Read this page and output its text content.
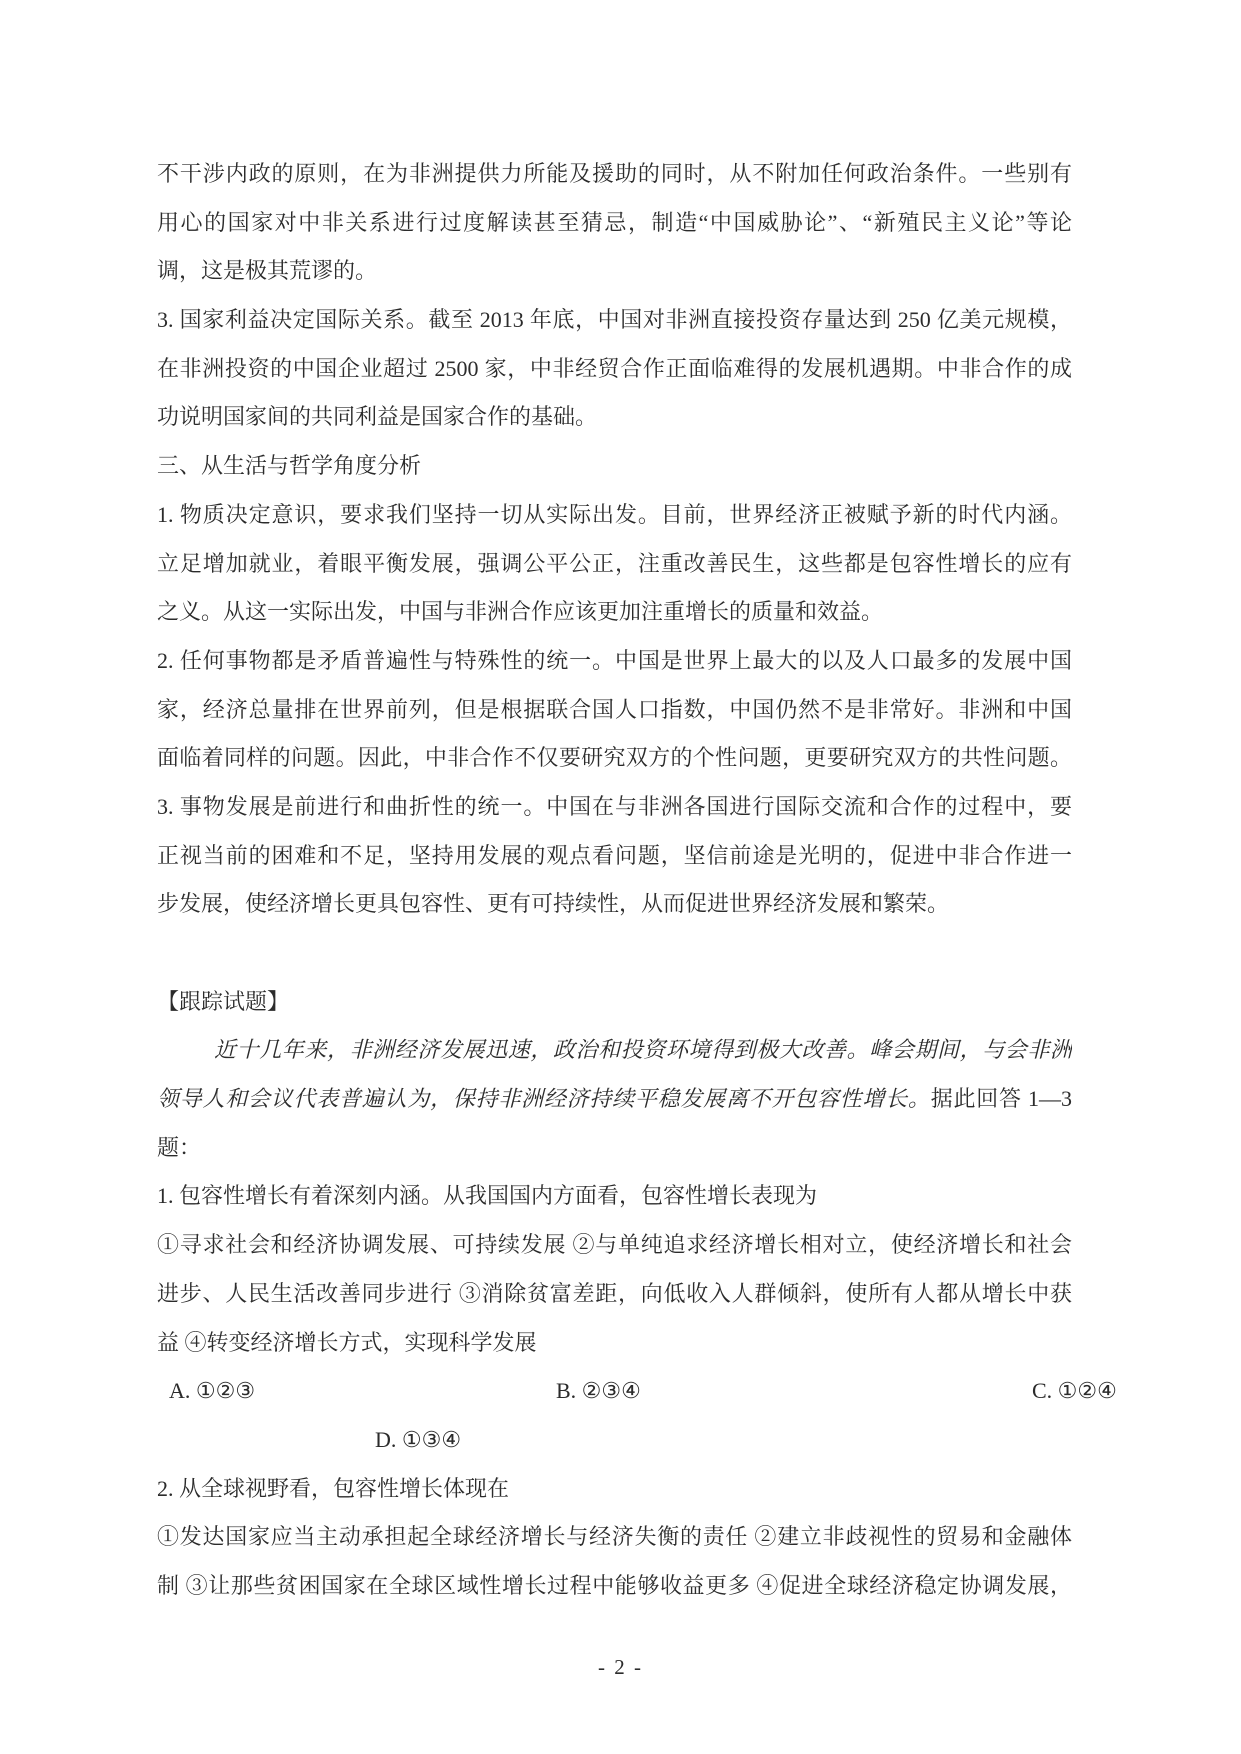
不干涉内政的原则，在为非洲提供力所能及援助的同时，从不附加任何政治条件。一些别有
用心的国家对中非关系进行过度解读甚至猜忌，制造“中国威胁论”、“新殖民主义论”等论
调，这是极其荒谬的。
3. 国家利益决定国际关系。截至 2013 年底，中国对非洲直接投资存量达到 250 亿美元规模，
在非洲投资的中国企业超过 2500 家，中非经贸合作正面临难得的发展机遇期。中非合作的成
功说明国家间的共同利益是国家合作的基础。
三、从生活与哲学角度分析
1. 物质决定意识，要求我们坚持一切从实际出发。目前，世界经济正被赋予新的时代内涵。
立足增加就业，着眼平衡发展，强调公平公正，注重改善民生，这些都是包容性增长的应有
之义。从这一实际出发，中国与非洲合作应该更加注重增长的质量和效益。
2. 任何事物都是矛盾普遍性与特殊性的统一。中国是世界上最大的以及人口最多的发展中国
家，经济总量排在世界前列，但是根据联合国人口指数，中国仍然不是非常好。非洲和中国
面临着同样的问题。因此，中非合作不仅要研究双方的个性问题，更要研究双方的共性问题。
3. 事物发展是前进行和曲折性的统一。中国在与非洲各国进行国际交流和合作的过程中，要
正视当前的困难和不足，坚持用发展的观点看问题，坚信前途是光明的，促进中非合作进一
步发展，使经济增长更具包容性、更有可持续性，从而促进世界经济发展和繁荣。
【跟踪试题】
近十几年来，非洲经济发展迅速，政治和投资环境得到极大改善。峰会期间，与会非洲
领导人和会议代表普遍认为，保持非洲经济持续平稳发展离不开包容性增长。据此回答 1—3
题：
1. 包容性增长有着深刻内涵。从我国国内方面看，包容性增长表现为
①寻求社会和经济协调发展、可持续发展 ②与单纯追求经济增长相对立，使经济增长和社会
进步、人民生活改善同步进行 ③消除贫富差距，向低收入人群倾斜，使所有人都从增长中获
益 ④转变经济增长方式，实现科学发展
A. ①②③	B. ②③④	C. ①②④
D. ①③④
2. 从全球视野看，包容性增长体现在
①发达国家应当主动承担起全球经济增长与经济失衡的责任 ②建立非歧视性的贸易和金融体
制 ③让那些贫困国家在全球区域性增长过程中能够收益更多 ④促进全球经济稳定协调发展，
- 2 -
